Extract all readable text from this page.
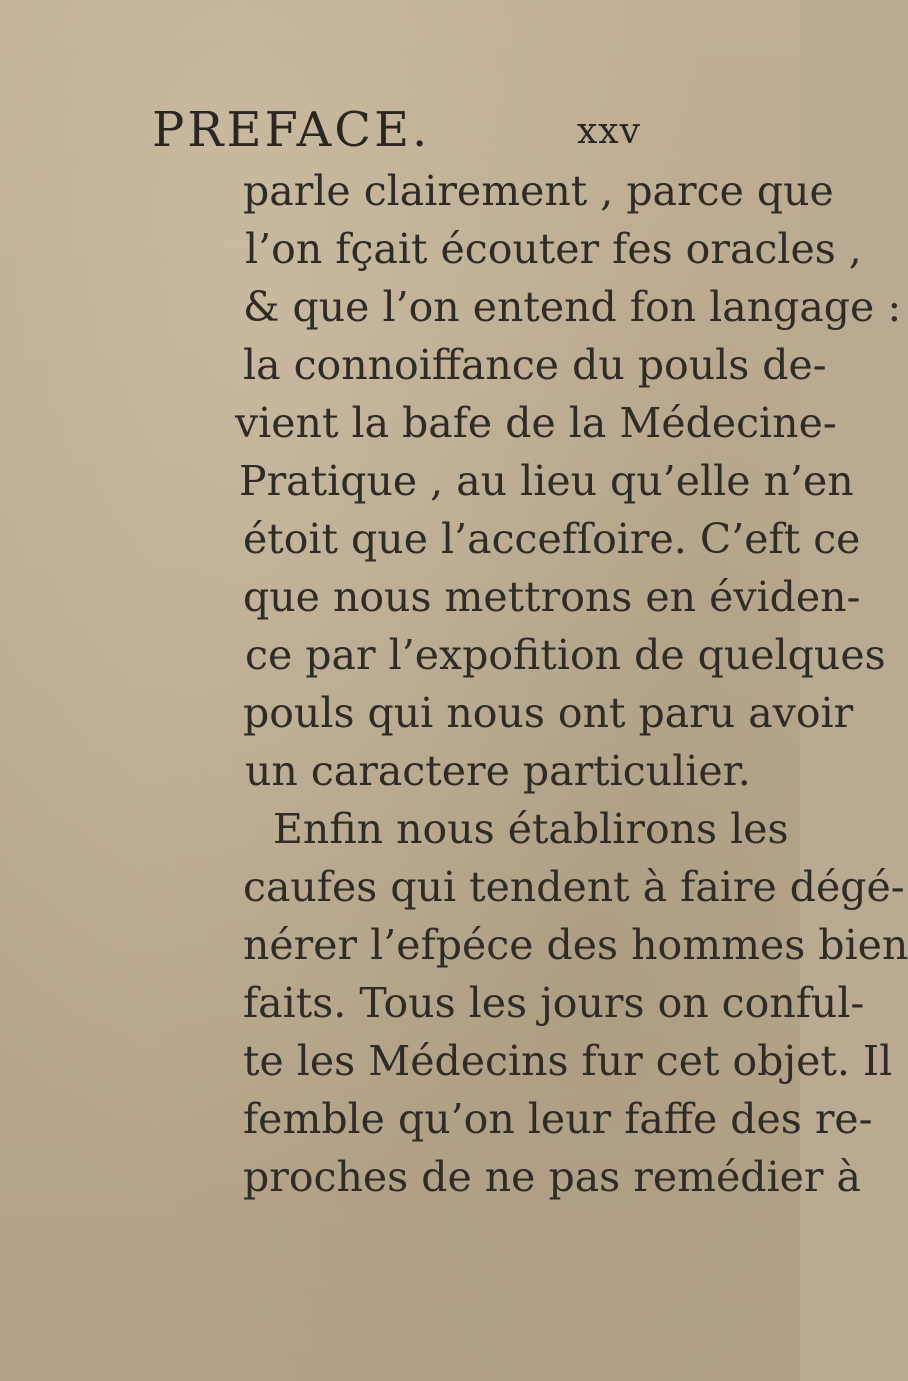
PREFACE.	xxv
parle clairement , parce que
l’on fçait écouter fes oracles ,
& que l’on entend fon langage :
la connoiffance du pouls de-
vient la bafe de la Médecine-
Pratique , au lieu qu’elle n’en
étoit que l’accefſoire. C’eft ce
que nous mettrons en éviden-
ce par l’expofition de quelques
pouls qui nous ont paru avoir
un caractere particulier.
Enfin nous établirons les
caufes qui tendent à faire dégé-
nérer l’efpéce des hommes bien
faits. Tous les jours on conful-
te les Médecins fur cet objet. Il
femble qu’on leur faffe des re-
proches de ne pas remédier à
